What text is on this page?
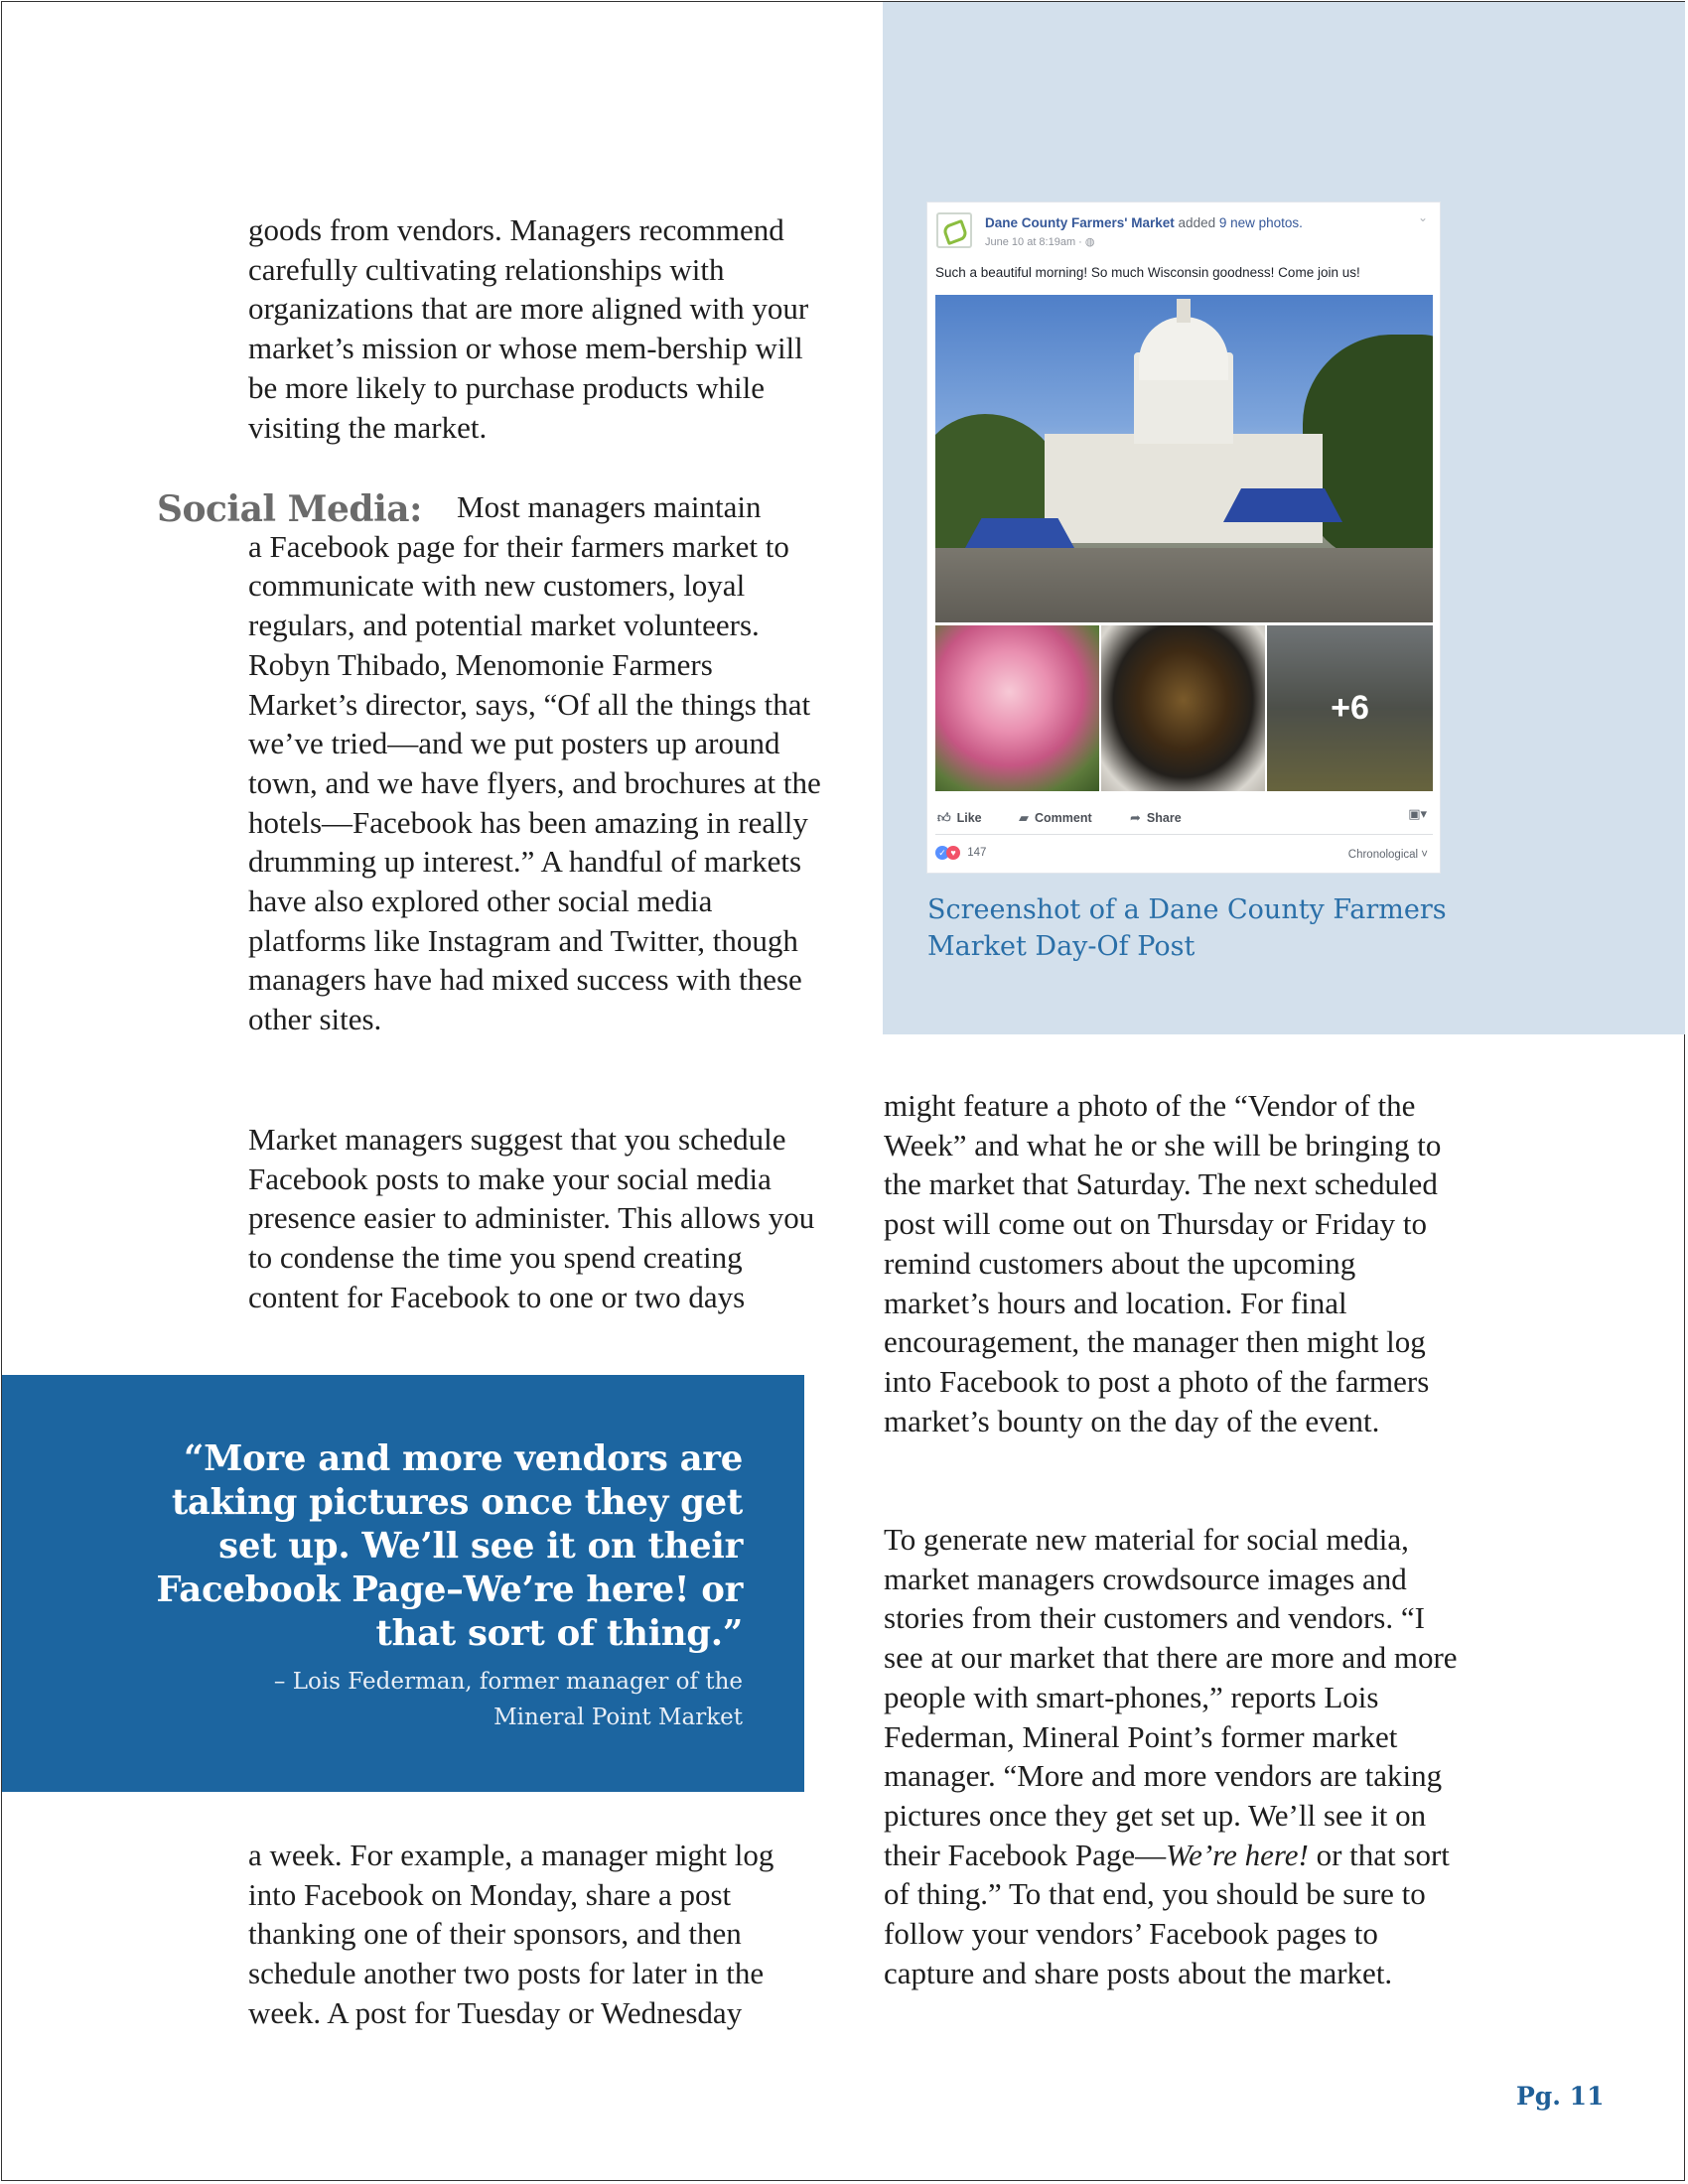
goods from vendors. Managers recommend carefully cultivating relationships with organizations that are more aligned with your market’s mission or whose mem-bership will be more likely to purchase products while visiting the market.

Social Media:	Most managers maintain
a Facebook page for their farmers market to communicate with new customers, loyal regulars, and potential market volunteers. Robyn Thibado, Menomonie Farmers Market’s director, says, “Of all the things that we’ve tried—and we put posters up around town, and we have flyers, and brochures at the hotels—Facebook has been amazing in really drumming up interest.” A handful of markets have also explored other social media platforms like Instagram and Twitter, though managers have had mixed success with these other sites.

Market managers suggest that you schedule Facebook posts to make your social media presence easier to administer. This allows you to condense the time you spend creating content for Facebook to one or two days

“More and more vendors are taking pictures once they get set up. We’ll see it on their Facebook Page–We’re here! or that sort of thing.”

– Lois Federman, former manager of the
Mineral Point Market

a week. For example, a manager might log into Facebook on Monday, share a post thanking one of their sponsors, and then schedule another two posts for later in the week. A post for Tuesday or Wednesday

Dane County Farmers' Market added 9 new photos.
June 10 at 8:19am · ◍
⌄
Such a beautiful morning! So much Wisconsin goodness! Come join us!
+6
👍︎ Like	▰ Comment	➦ Share	▣▾
✓ ♥ 147	Chronological ˅

Screenshot of a Dane County Farmers Market Day-Of Post

might feature a photo of the “Vendor of the Week” and what he or she will be bringing to the market that Saturday. The next scheduled post will come out on Thursday or Friday to remind customers about the upcoming market’s hours and location. For final encouragement, the manager then might log into Facebook to post a photo of the farmers market’s bounty on the day of the event.

To generate new material for social media, market managers crowdsource images and stories from their customers and vendors. “I see at our market that there are more and more people with smart-phones,” reports Lois Federman, Mineral Point’s former market manager. “More and more vendors are taking pictures once they get set up. We’ll see it on their Facebook Page—We’re here! or that sort of thing.” To that end, you should be sure to follow your vendors’ Facebook pages to capture and share posts about the market.

Pg. 11
